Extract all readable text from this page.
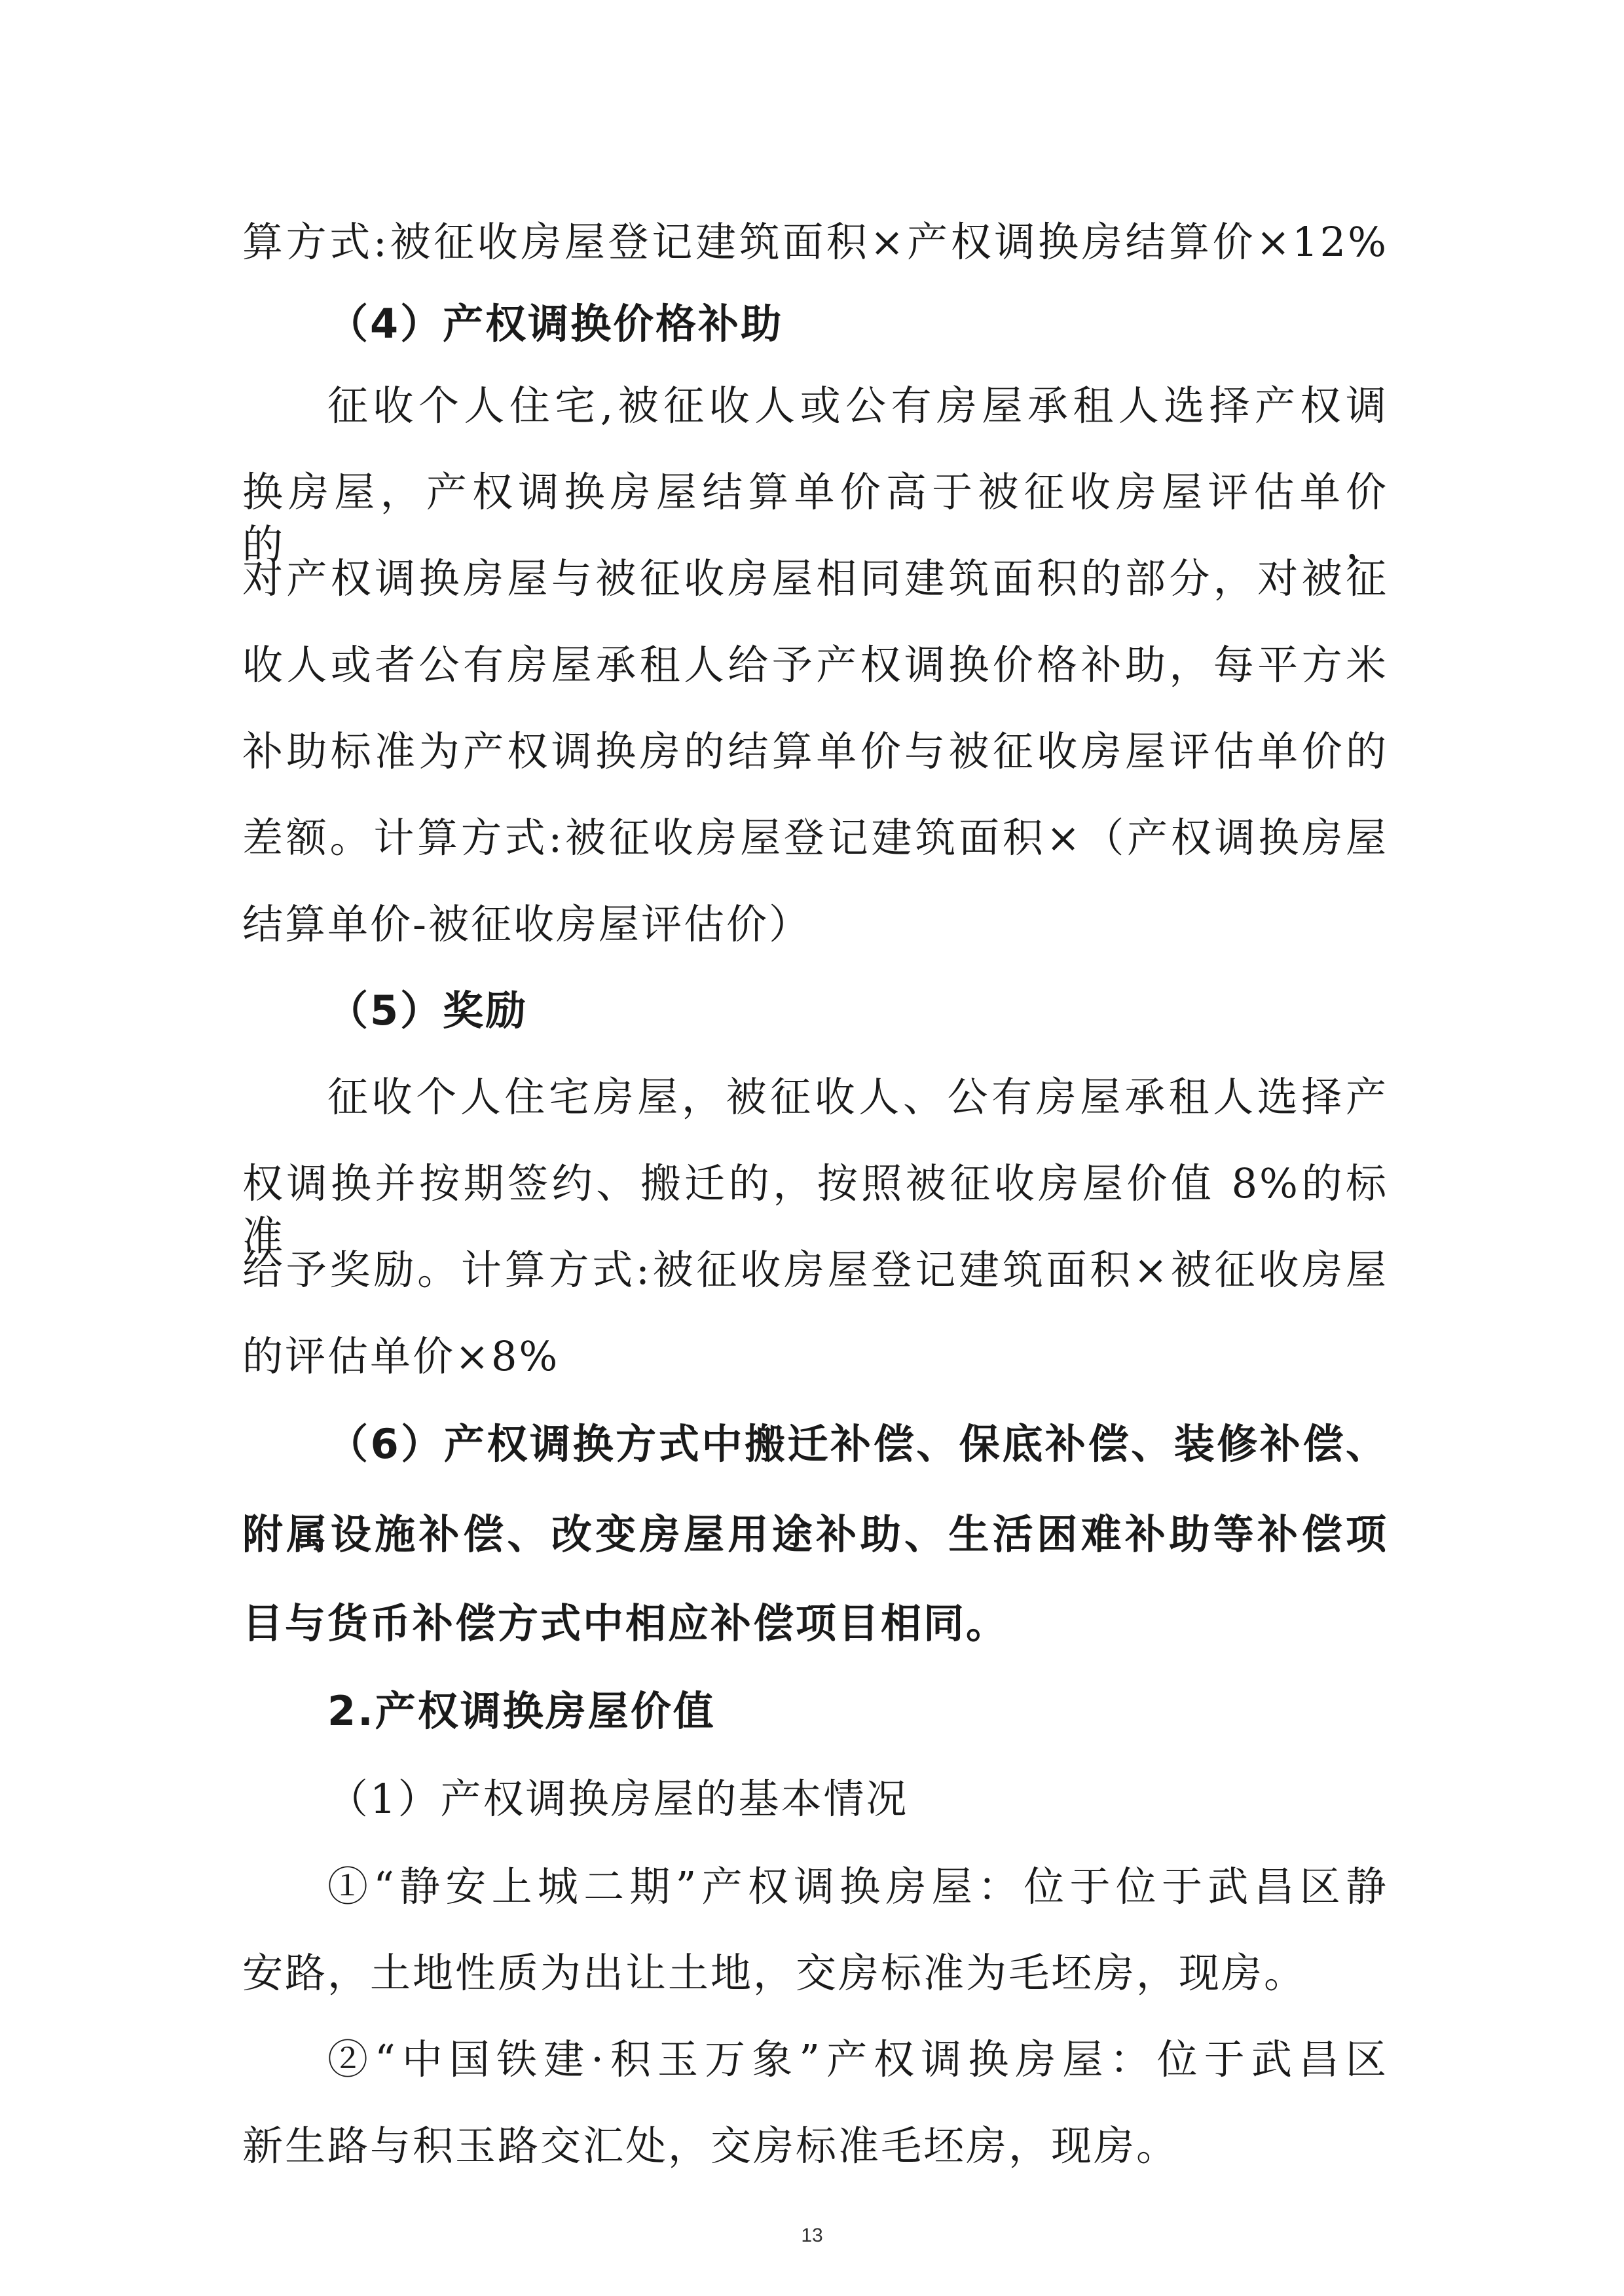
算方式:被征收房屋登记建筑面积×产权调换房结算价×12%
（4）产权调换价格补助
征收个人住宅,被征收人或公有房屋承租人选择产权调
换房屋，产权调换房屋结算单价高于被征收房屋评估单价的，
对产权调换房屋与被征收房屋相同建筑面积的部分，对被征
收人或者公有房屋承租人给予产权调换价格补助，每平方米
补助标准为产权调换房的结算单价与被征收房屋评估单价的
差额。计算方式:被征收房屋登记建筑面积×（产权调换房屋
结算单价-被征收房屋评估价）
（5）奖励
征收个人住宅房屋，被征收人、公有房屋承租人选择产
权调换并按期签约、搬迁的，按照被征收房屋价值 8%的标准
给予奖励。计算方式:被征收房屋登记建筑面积×被征收房屋
的评估单价×8%
（6）产权调换方式中搬迁补偿、保底补偿、装修补偿、
附属设施补偿、改变房屋用途补助、生活困难补助等补偿项
目与货币补偿方式中相应补偿项目相同。
2.产权调换房屋价值
（1）产权调换房屋的基本情况
①“静安上城二期”产权调换房屋：位于位于武昌区静
安路，土地性质为出让土地，交房标准为毛坯房，现房。
②“中国铁建·积玉万象”产权调换房屋：位于武昌区
新生路与积玉路交汇处，交房标准毛坯房，现房。
13
